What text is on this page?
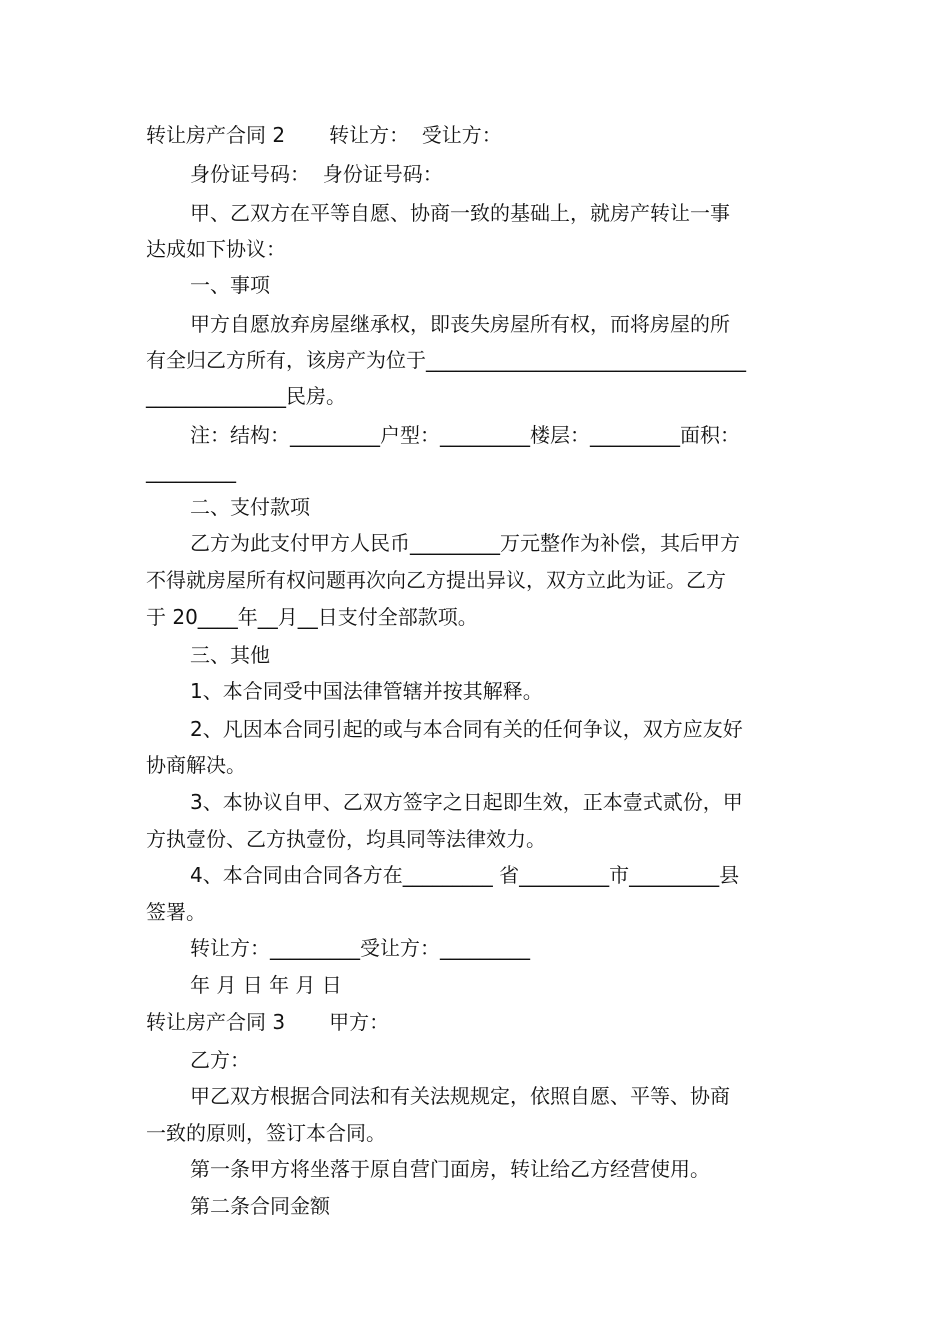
转让房产合同 2 转让方：  受让方：
身份证号码：  身份证号码：
甲、乙双方在平等自愿、协商一致的基础上，就房产转让一事
达成如下协议：
一、事项
甲方自愿放弃房屋继承权，即丧失房屋所有权，而将房屋的所
有全归乙方所有，该房产为位于________________________________
______________民房。
注：结构：_________户型：_________楼层：_________面积：
_________
二、支付款项
乙方为此支付甲方人民币_________万元整作为补偿，其后甲方
不得就房屋所有权问题再次向乙方提出异议，双方立此为证。乙方
于 20____年__月__日支付全部款项。
三、其他
1、本合同受中国法律管辖并按其解释。
2、凡因本合同引起的或与本合同有关的任何争议，双方应友好
协商解决。
3、本协议自甲、乙双方签字之日起即生效，正本壹式贰份，甲
方执壹份、乙方执壹份，均具同等法律效力。
4、本合同由合同各方在_________ 省_________市_________县
签署。
转让方：_________受让方：_________
年 月 日 年 月 日
转让房产合同 3 甲方：
乙方：
甲乙双方根据合同法和有关法规规定，依照自愿、平等、协商
一致的原则，签订本合同。
第一条甲方将坐落于原自营门面房，转让给乙方经营使用。
第二条合同金额
